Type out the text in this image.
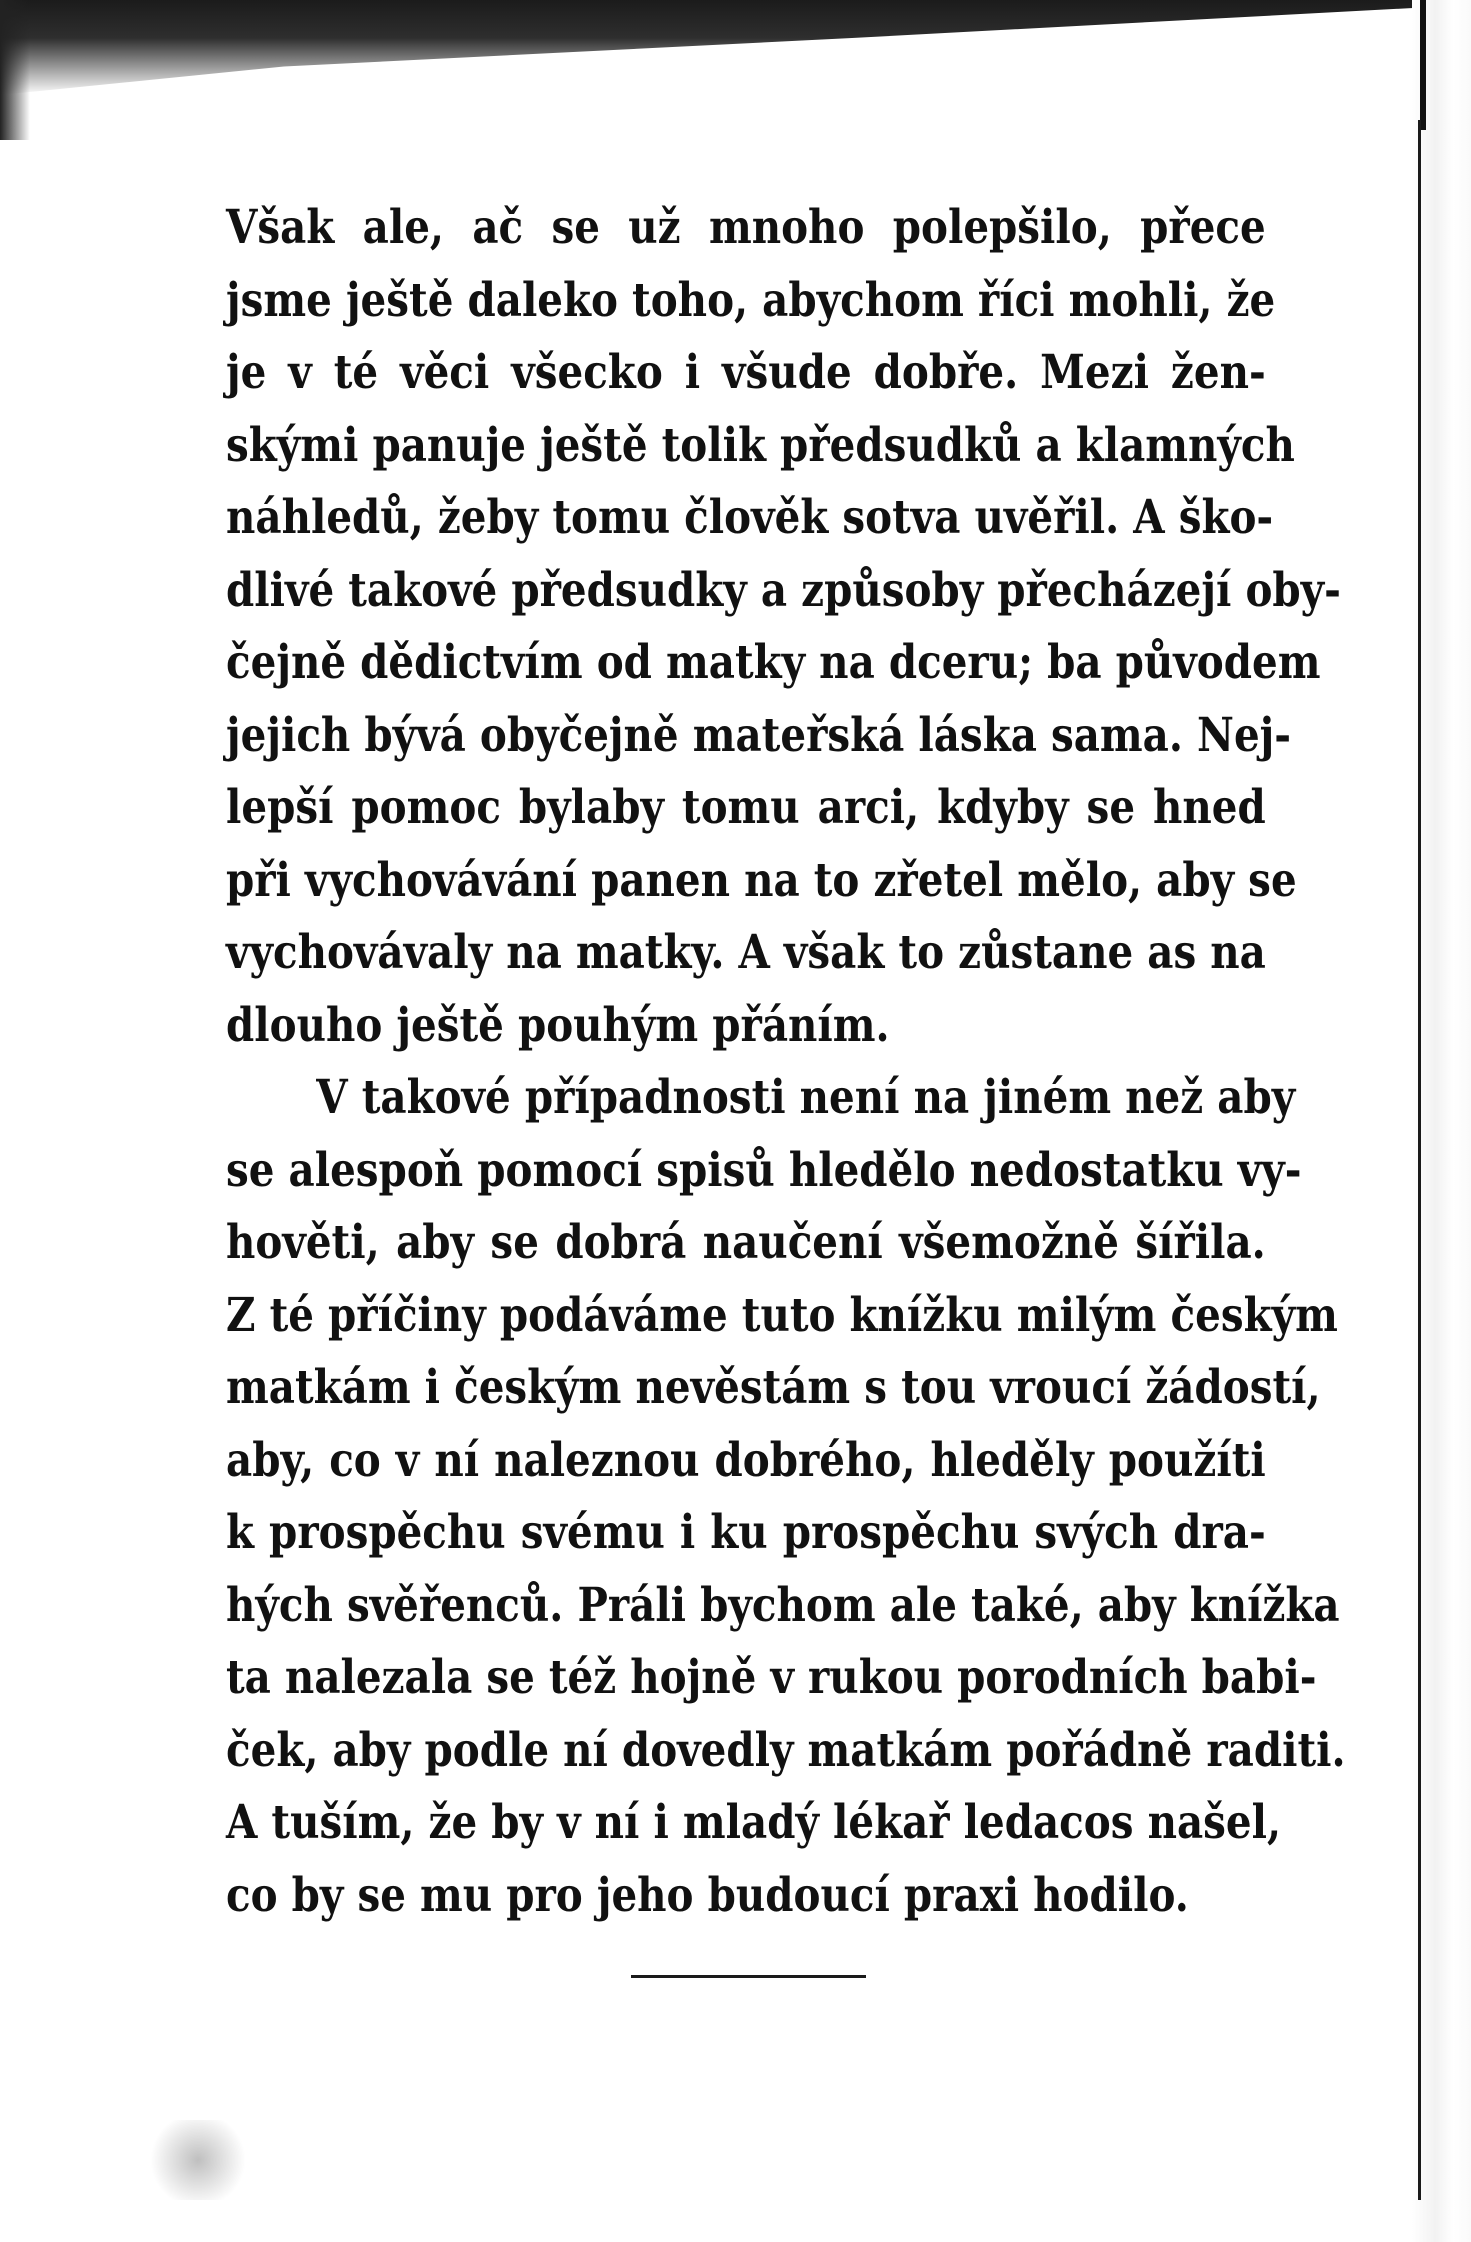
Však ale, ač se už mnoho polepšilo, přece
jsme ještě daleko toho, abychom říci mohli, že
je v té věci všecko i všude dobře. Mezi žen-
skými panuje ještě tolik předsudků a klamných
náhledů, žeby tomu člověk sotva uvěřil. A ško-
dlivé takové předsudky a způsoby přecházejí oby-
čejně dědictvím od matky na dceru; ba původem
jejich bývá obyčejně mateřská láska sama. Nej-
lepší pomoc bylaby tomu arci, kdyby se hned
při vychovávání panen na to zřetel mělo, aby se
vychovávaly na matky. A však to zůstane as na
dlouho ještě pouhým přáním.
V takové případnosti není na jiném než aby
se alespoň pomocí spisů hledělo nedostatku vy-
hověti, aby se dobrá naučení všemožně šířila.
Z té příčiny podáváme tuto knížku milým českým
matkám i českým nevěstám s tou vroucí žádostí,
aby, co v ní naleznou dobrého, hleděly použíti
k prospěchu svému i ku prospěchu svých dra-
hých svěřenců. Práli bychom ale také, aby knížka
ta nalezala se též hojně v rukou porodních babi-
ček, aby podle ní dovedly matkám pořádně raditi.
A tuším, že by v ní i mladý lékař ledacos našel,
co by se mu pro jeho budoucí praxi hodilo.
